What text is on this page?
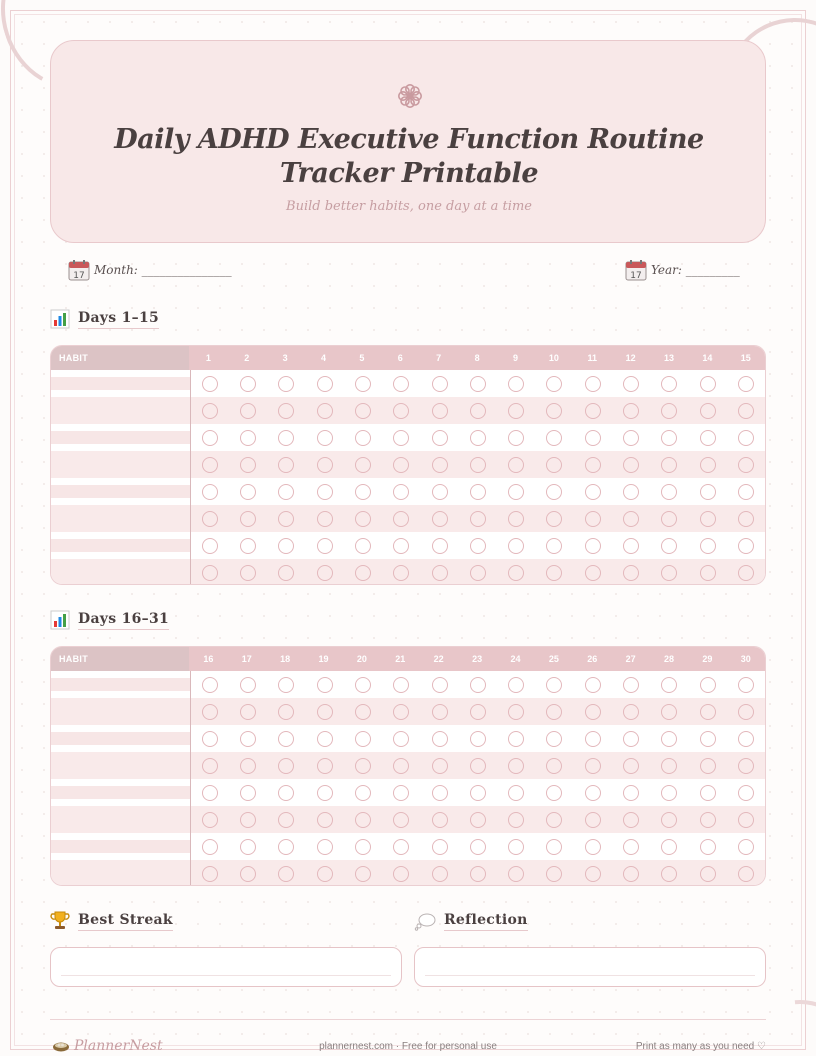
Daily ADHD Executive Function Routine Tracker Printable
Build better habits, one day at a time
17 Month: _______________	17 Year: _________
Days 1–15
HABIT	1	2	3	4	5	6	7	8	9	10	11	12	13	14	15
Days 16–31
HABIT	16	17	18	19	20	21	22	23	24	25	26	27	28	29	30
Best Streak	Reflection
PlannerNest	plannernest.com · Free for personal use	Print as many as you need ♡
